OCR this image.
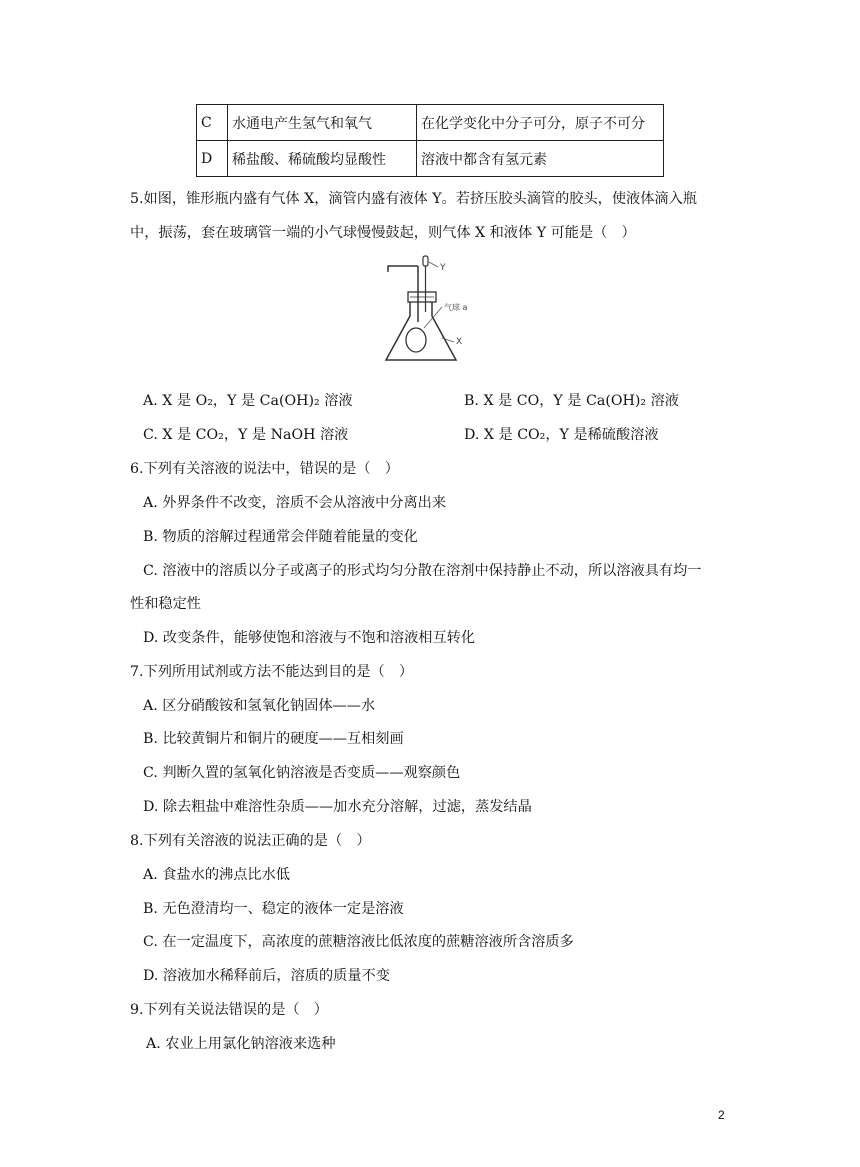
C	水通电产生氢气和氧气	在化学变化中分子可分，原子不可分
D	稀盐酸、稀硫酸均显酸性	溶液中都含有氢元素
5.如图，锥形瓶内盛有气体 X，滴管内盛有液体 Y。若挤压胶头滴管的胶头，使液体滴入瓶
中，振荡，套在玻璃管一端的小气球慢慢鼓起，则气体 X 和液体 Y 可能是（　）
Y
气球 a
X
A. X 是 O₂，Y 是 Ca(OH)₂ 溶液	B. X 是 CO，Y 是 Ca(OH)₂ 溶液
C. X 是 CO₂，Y 是 NaOH 溶液	D. X 是 CO₂，Y 是稀硫酸溶液
6.下列有关溶液的说法中，错误的是（　）
A. 外界条件不改变，溶质不会从溶液中分离出来
B. 物质的溶解过程通常会伴随着能量的变化
C. 溶液中的溶质以分子或离子的形式均匀分散在溶剂中保持静止不动，所以溶液具有均一
性和稳定性
D. 改变条件，能够使饱和溶液与不饱和溶液相互转化
7.下列所用试剂或方法不能达到目的是（　）
A. 区分硝酸铵和氢氧化钠固体——水
B. 比较黄铜片和铜片的硬度——互相刻画
C. 判断久置的氢氧化钠溶液是否变质——观察颜色
D. 除去粗盐中难溶性杂质——加水充分溶解，过滤，蒸发结晶
8.下列有关溶液的说法正确的是（　）
A. 食盐水的沸点比水低
B. 无色澄清均一、稳定的液体一定是溶液
C. 在一定温度下，高浓度的蔗糖溶液比低浓度的蔗糖溶液所含溶质多
D. 溶液加水稀释前后，溶质的质量不变
9.下列有关说法错误的是（　）
A. 农业上用氯化钠溶液来选种
2
